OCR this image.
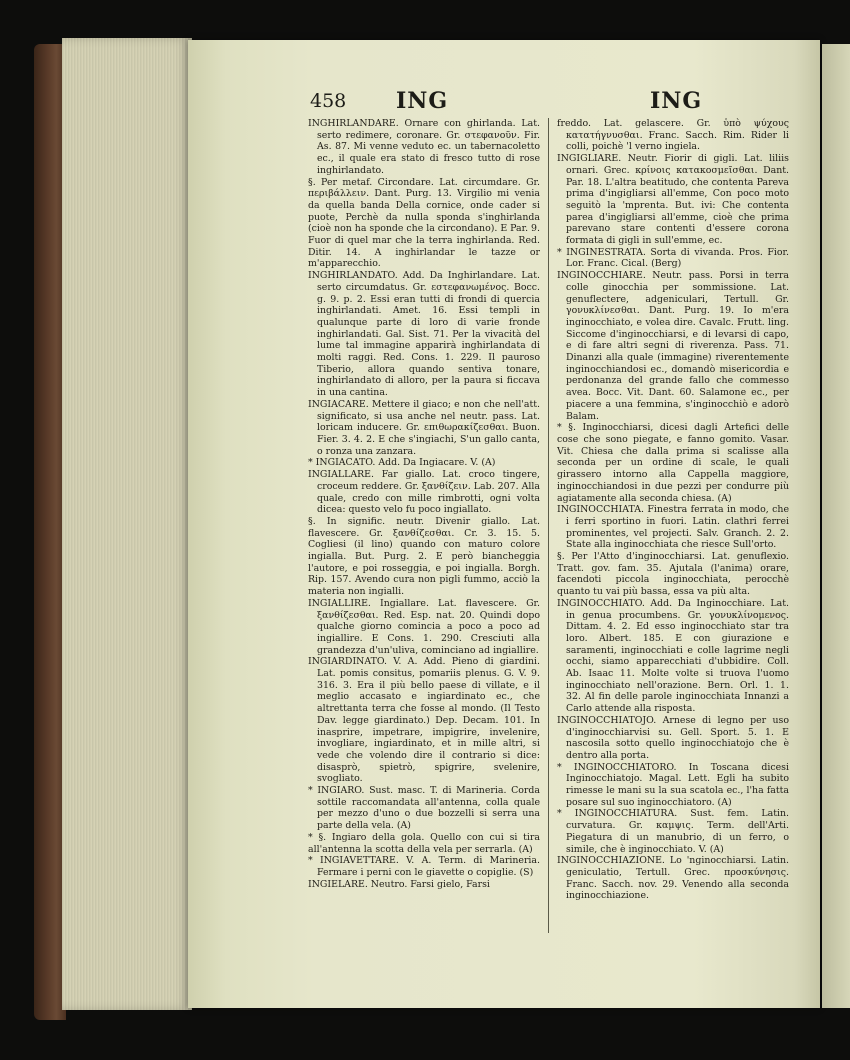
458 ING	ING
INGHIRLANDARE. Ornare con ghirlanda. Lat. serto redimere, coronare. Gr. στεφανοῦν. Fir. As. 87. Mi venne veduto ec. un tabernacoletto ec., il quale era stato di fresco tutto di rose inghirlandato.
§. Per metaf. Circondare. Lat. circumdare. Gr. περιβάλλειν. Dant. Purg. 13. Virgilio mi venia da quella banda Della cornice, onde cader si puote, Perchè da nulla sponda s'inghirlanda (cioè non ha sponde che la circondano). E Par. 9. Fuor di quel mar che la terra inghirlanda. Red. Ditir. 14. A inghirlandar le tazze or m'apparecchio.
INGHIRLANDATO. Add. Da Inghirlandare. Lat. serto circumdatus. Gr. εστεφανωμένος. Bocc. g. 9. p. 2. Essi eran tutti di frondi di quercia inghirlandati. Amet. 16. Essi templi in qualunque parte di loro di varie fronde inghirlandati. Gal. Sist. 71. Per la vivacità del lume tal immagine apparirà inghirlandata di molti raggi. Red. Cons. 1. 229. Il pauroso Tiberio, allora quando sentiva tonare, inghirlandato di alloro, per la paura si ficcava in una cantina.
INGIACARE. Mettere il giaco; e non che nell'att. significato, si usa anche nel neutr. pass. Lat. loricam inducere. Gr. επιθωρακίζεσθαι. Buon. Fier. 3. 4. 2. E che s'ingiachi, S'un gallo canta, o ronza una zanzara.
* INGIACATO. Add. Da Ingiacare. V. (A)
INGIALLARE. Far giallo. Lat. croco tingere, croceum reddere. Gr. ξανθίζειν. Lab. 207. Alla quale, credo con mille rimbrotti, ogni volta dicea: questo velo fu poco ingiallato.
§. In signific. neutr. Divenir giallo. Lat. flavescere. Gr. ξανθίζεσθαι. Cr. 3. 15. 5. Cogliesi (il lino) quando con maturo colore ingialla. But. Purg. 2. E però biancheggia l'autore, e poi rosseggia, e poi ingialla. Borgh. Rip. 157. Avendo cura non pigli fummo, acciò la materia non ingialli.
INGIALLIRE. Ingiallare. Lat. flavescere. Gr. ξανθίζεσθαι. Red. Esp. nat. 20. Quindi dopo qualche giorno comincia a poco a poco ad ingiallire. E Cons. 1. 290. Cresciuti alla grandezza d'un'uliva, cominciano ad ingiallire.
INGIARDINATO. V. A. Add. Pieno di giardini. Lat. pomis consitus, pomariis plenus. G. V. 9. 316. 3. Era il più bello paese di villate, e il meglio accasato e ingiardinato ec., che altrettanta terra che fosse al mondo. (Il Testo Dav. legge giardinato.) Dep. Decam. 101. In inasprire, impetrare, impigrire, invelenire, invogliare, ingiardinato, et in mille altri, si vede che volendo dire il contrario si dice: disasprò, spietrò, spigrire, svelenire, svogliato.
* INGIARO. Sust. masc. T. di Marineria. Corda sottile raccomandata all'antenna, colla quale per mezzo d'uno o due bozzelli si serra una parte della vela. (A)
* §. Ingiaro della gola. Quello con cui si tira all'antenna la scotta della vela per serrarla. (A)
* INGIAVETTARE. V. A. Term. di Marineria. Fermare i perni con le giavette o copiglie. (S)
INGIELARE. Neutro. Farsi gielo, Farsi
freddo. Lat. gelascere. Gr. ὑπὸ ψύχους κατατήγνυσθαι. Franc. Sacch. Rim. Rider li colli, poichè 'l verno ingiela.
INGIGLIARE. Neutr. Fiorir di gigli. Lat. liliis ornari. Grec. κρίνοις κατακοσμεῖσθαι. Dant. Par. 18. L'altra beatitudo, che contenta Pareva prima d'ingigliarsi all'emme, Con poco moto seguitò la 'mprenta. But. ivi: Che contenta parea d'ingigliarsi all'emme, cioè che prima parevano stare contenti d'essere corona formata di gigli in sull'emme, ec.
* INGINESTRATA. Sorta di vivanda. Pros. Fior. Lor. Franc. Cical. (Berg)
INGINOCCHIARE. Neutr. pass. Porsi in terra colle ginocchia per sommissione. Lat. genuflectere, adgeniculari, Tertull. Gr. γονυκλίνεσθαι. Dant. Purg. 19. Io m'era inginocchiato, e volea dire. Cavalc. Frutt. ling. Siccome d'inginocchiarsi, e di levarsi di capo, e di fare altri segni di riverenza. Pass. 71. Dinanzi alla quale (immagine) riverentemente inginocchiandosi ec., domandò misericordia e perdonanza del grande fallo che commesso avea. Bocc. Vit. Dant. 60. Salamone ec., per piacere a una femmina, s'inginocchiò e adorò Balam.
* §. Inginocchiarsi, dicesi dagli Artefici delle cose che sono piegate, e fanno gomito. Vasar. Vit. Chiesa che dalla prima si scalisse alla seconda per un ordine di scale, le quali girassero intorno alla Cappella maggiore, inginocchiandosi in due pezzi per condurre più agiatamente alla seconda chiesa. (A)
INGINOCCHIATA. Finestra ferrata in modo, che i ferri sportino in fuori. Latin. clathri ferrei prominentes, vel projecti. Salv. Granch. 2. 2. State alla inginocchiata che riesce Sull'orto.
§. Per l'Atto d'inginocchiarsi. Lat. genuflexio. Tratt. gov. fam. 35. Ajutala (l'anima) orare, facendoti piccola inginocchiata, perocchè quanto tu vai più bassa, essa va più alta.
INGINOCCHIATO. Add. Da Inginocchiare. Lat. in genua procumbens. Gr. γονυκλίνομενος. Dittam. 4. 2. Ed esso inginocchiato star tra loro. Albert. 185. E con giurazione e saramenti, inginocchiati e colle lagrime negli occhi, siamo apparecchiati d'ubbidire. Coll. Ab. Isaac 11. Molte volte si truova l'uomo inginocchiato nell'orazione. Bern. Orl. 1. 1. 32. Al fin delle parole inginocchiata Innanzi a Carlo attende alla risposta.
INGINOCCHIATOJO. Arnese di legno per uso d'inginocchiarvisi su. Gell. Sport. 5. 1. E nascosila sotto quello inginocchiatojo che è dentro alla porta.
* INGINOCCHIATORO. In Toscana dicesi Inginocchiatojo. Magal. Lett. Egli ha subito rimesse le mani su la sua scatola ec., l'ha fatta posare sul suo inginocchiatoro. (A)
* INGINOCCHIATURA. Sust. fem. Latin. curvatura. Gr. καμψις. Term. dell'Arti. Piegatura di un manubrio, di un ferro, o simile, che è inginocchiato. V. (A)
INGINOCCHIAZIONE. Lo 'nginocchiarsi. Latin. geniculatio, Tertull. Grec. προσκύνησις. Franc. Sacch. nov. 29. Venendo alla seconda inginocchiazione.
